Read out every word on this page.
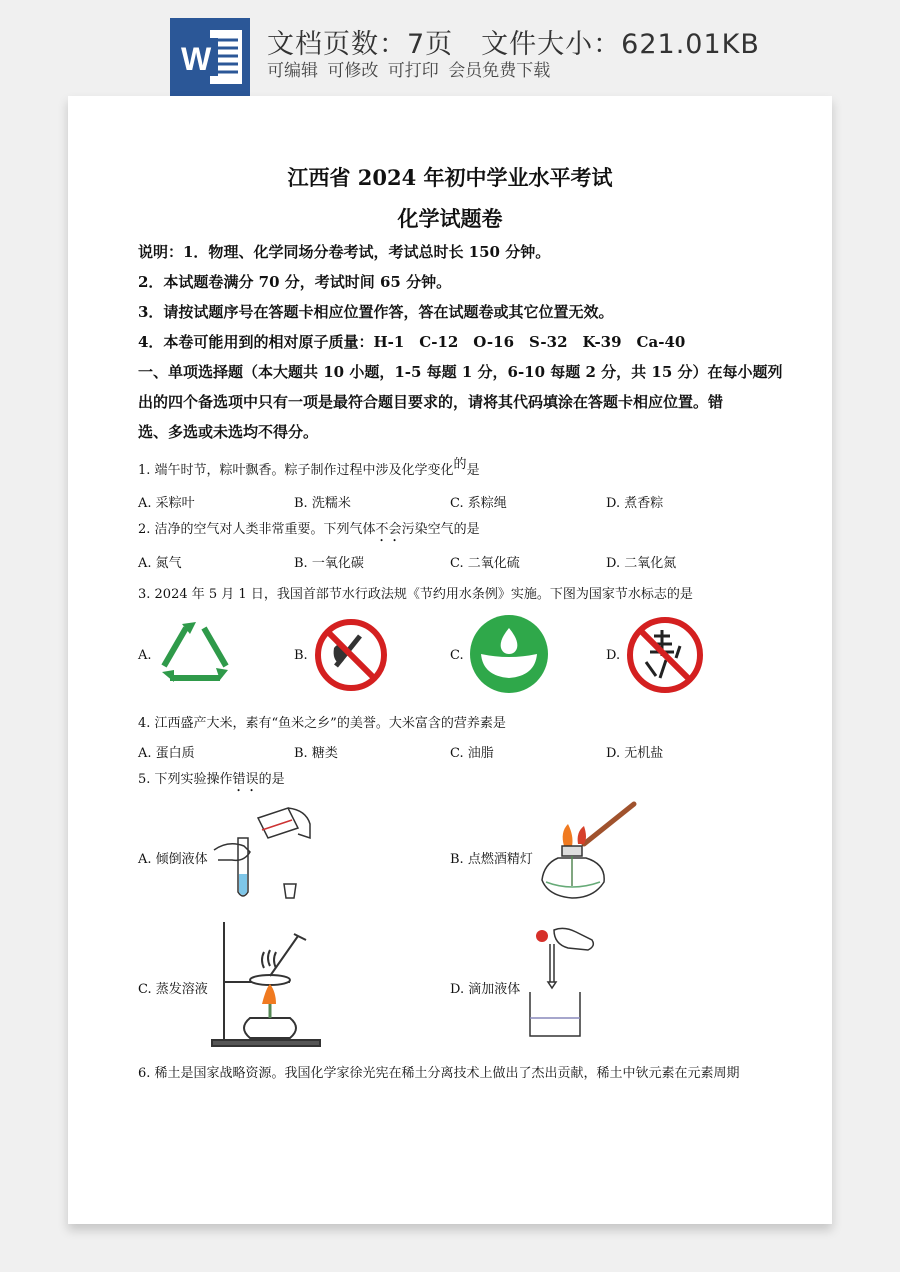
W 文档页数：7页　文件大小：621.01KB
可编辑 可修改 可打印 会员免费下载
江西省 2024 年初中学业水平考试
化学试题卷
说明：1．物理、化学同场分卷考试，考试总时长 150 分钟。
2．本试题卷满分 70 分，考试时间 65 分钟。
3．请按试题序号在答题卡相应位置作答，答在试题卷或其它位置无效。
4．本卷可能用到的相对原子质量：H-1　C-12　O-16　S-32　K-39　Ca-40
一、单项选择题（本大题共 10 小题，1-5 每题 1 分，6-10 每题 2 分，共 15 分）在每小题列
出的四个备选项中只有一项是最符合题目要求的，请将其代码填涂在答题卡相应位置。错
选、多选或未选均不得分。
1. 端午时节，粽叶飘香。粽子制作过程中涉及化学变化的是
A. 采粽叶	B. 洗糯米	C. 系粽绳	D. 煮香粽
2. 洁净的空气对人类非常重要。下列气体不会污染空气的是
A. 氮气	B. 一氧化碳	C. 二氧化硫	D. 二氧化氮
3. 2024 年 5 月 1 日，我国首部节水行政法规《节约用水条例》实施。下图为国家节水标志的是
A.	B.	C.	D.
4. 江西盛产大米，素有“鱼米之乡”的美誉。大米富含的营养素是
A. 蛋白质	B. 糖类	C. 油脂	D. 无机盐
5. 下列实验操作错误的是
A. 倾倒液体	B. 点燃酒精灯
C. 蒸发溶液	D. 滴加液体
6. 稀土是国家战略资源。我国化学家徐光宪在稀土分离技术上做出了杰出贡献，稀土中钬元素在元素周期
